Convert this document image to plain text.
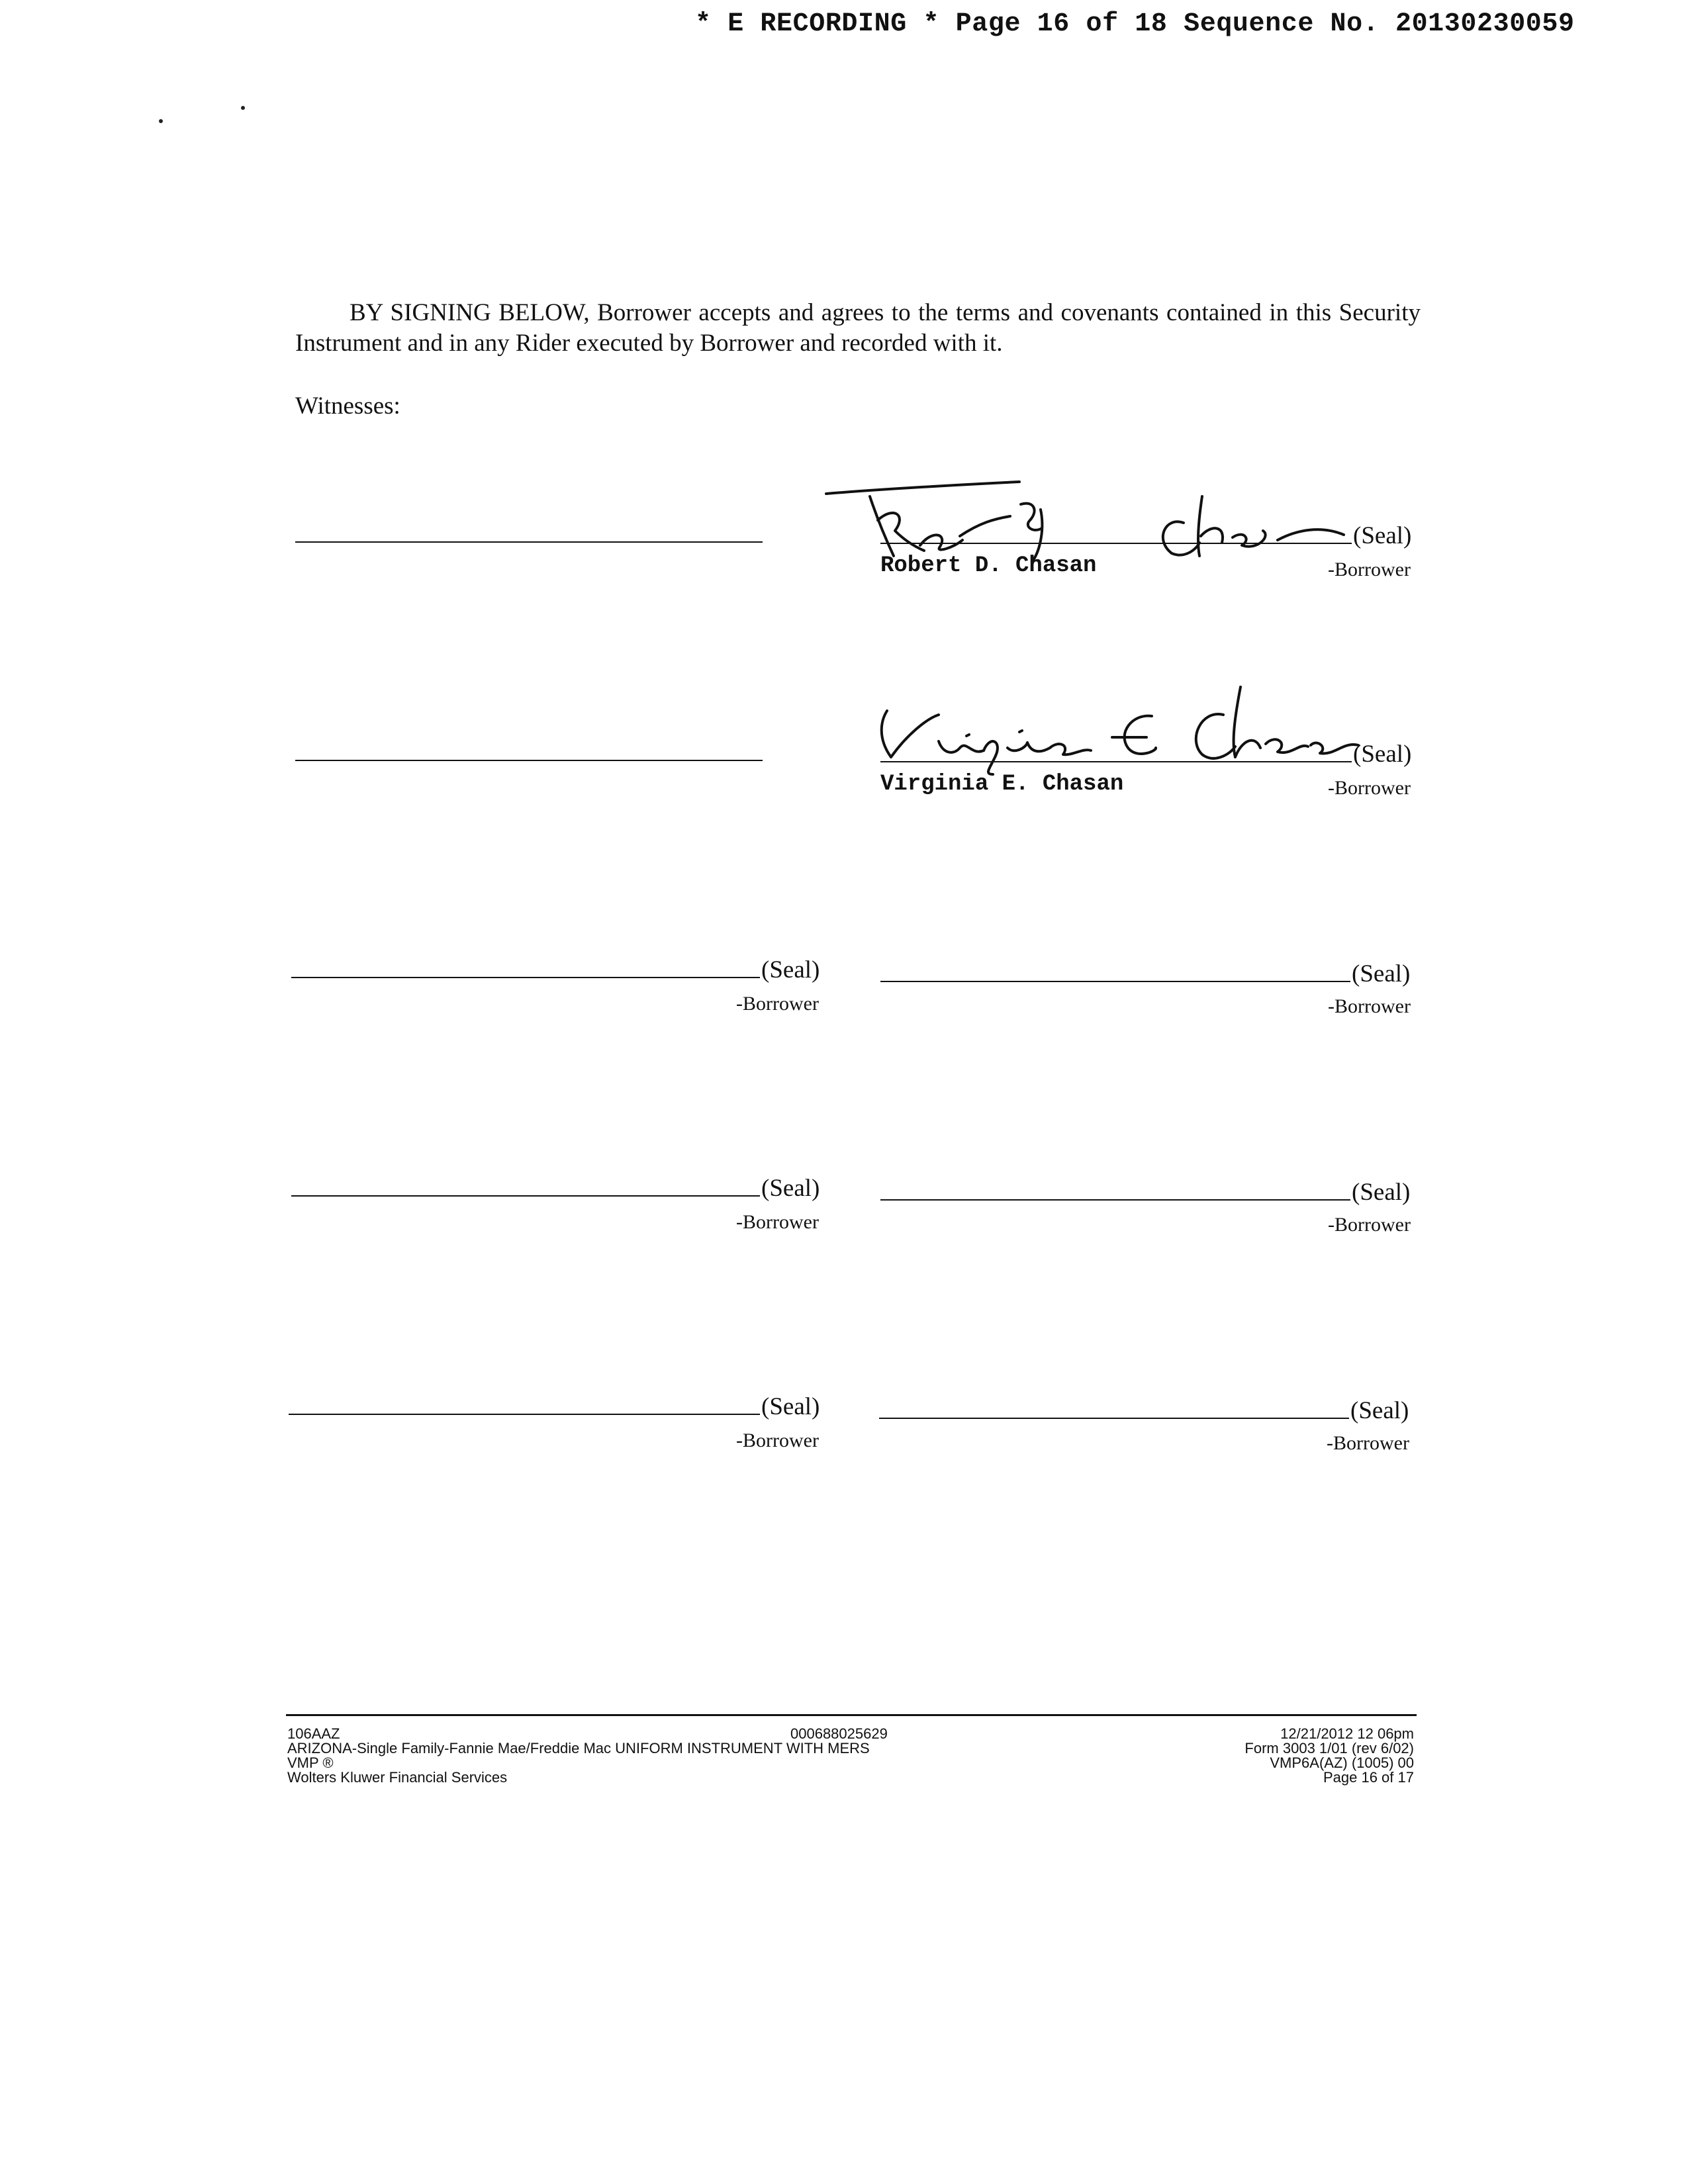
* E RECORDING * Page 16 of 18 Sequence No. 20130230059
BY SIGNING BELOW, Borrower accepts and agrees to the terms and covenants contained in this Security Instrument and in any Rider executed by Borrower and recorded with it.
Witnesses:
(Seal)
Robert D. Chasan	-Borrower
(Seal)
Virginia E. Chasan	-Borrower
(Seal)
-Borrower
(Seal)
-Borrower
(Seal)
-Borrower
(Seal)
-Borrower
(Seal)
-Borrower
(Seal)
-Borrower
106AAZ	000688025629
ARIZONA-Single Family-Fannie Mae/Freddie Mac UNIFORM INSTRUMENT WITH MERS
VMP ®
Wolters Kluwer Financial Services
12/21/2012 12 06pm
Form 3003 1/01 (rev 6/02)
VMP6A(AZ) (1005) 00
Page 16 of 17
